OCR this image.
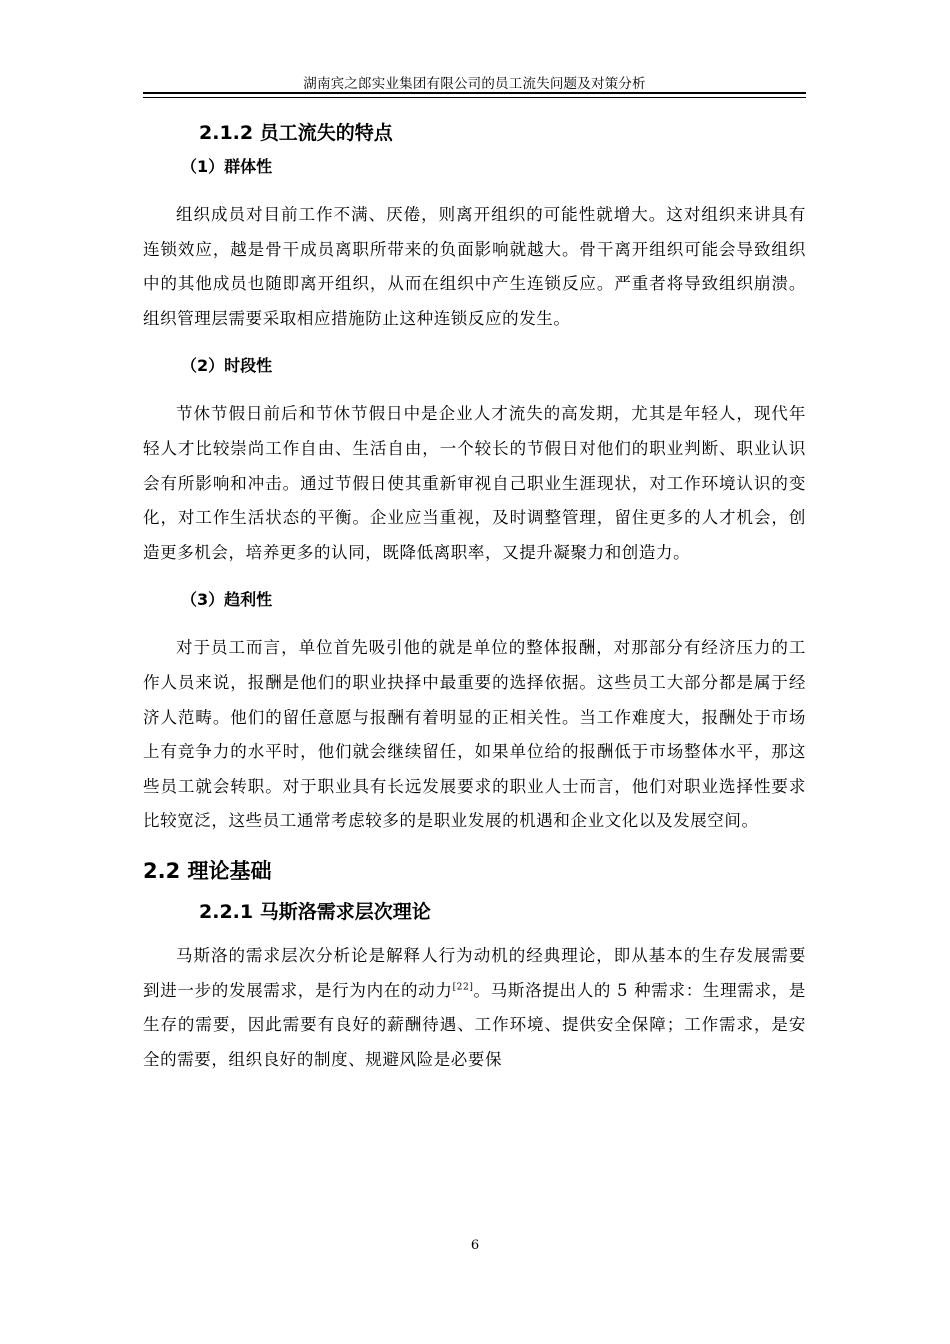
湖南宾之郎实业集团有限公司的员工流失问题及对策分析
2.1.2 员工流失的特点
（1）群体性

组织成员对目前工作不满、厌倦，则离开组织的可能性就增大。这对组织来讲具有连锁效应，越是骨干成员离职所带来的负面影响就越大。骨干离开组织可能会导致组织中的其他成员也随即离开组织，从而在组织中产生连锁反应。严重者将导致组织崩溃。组织管理层需要采取相应措施防止这种连锁反应的发生。

（2）时段性

节休节假日前后和节休节假日中是企业人才流失的高发期，尤其是年轻人，现代年轻人才比较崇尚工作自由、生活自由，一个较长的节假日对他们的职业判断、职业认识会有所影响和冲击。通过节假日使其重新审视自己职业生涯现状，对工作环境认识的变化，对工作生活状态的平衡。企业应当重视，及时调整管理，留住更多的人才机会，创造更多机会，培养更多的认同，既降低离职率，又提升凝聚力和创造力。

（3）趋利性

对于员工而言，单位首先吸引他的就是单位的整体报酬，对那部分有经济压力的工作人员来说，报酬是他们的职业抉择中最重要的选择依据。这些员工大部分都是属于经济人范畴。他们的留任意愿与报酬有着明显的正相关性。当工作难度大，报酬处于市场上有竞争力的水平时，他们就会继续留任，如果单位给的报酬低于市场整体水平，那这些员工就会转职。对于职业具有长远发展要求的职业人士而言，他们对职业选择性要求比较宽泛，这些员工通常考虑较多的是职业发展的机遇和企业文化以及发展空间。

2.2 理论基础
2.2.1 马斯洛需求层次理论

马斯洛的需求层次分析论是解释人行为动机的经典理论，即从基本的生存发展需要到进一步的发展需求，是行为内在的动力[22]。马斯洛提出人的 5 种需求：生理需求，是生存的需要，因此需要有良好的薪酬待遇、工作环境、提供安全保障；工作需求，是安全的需要，组织良好的制度、规避风险是必要保

6
